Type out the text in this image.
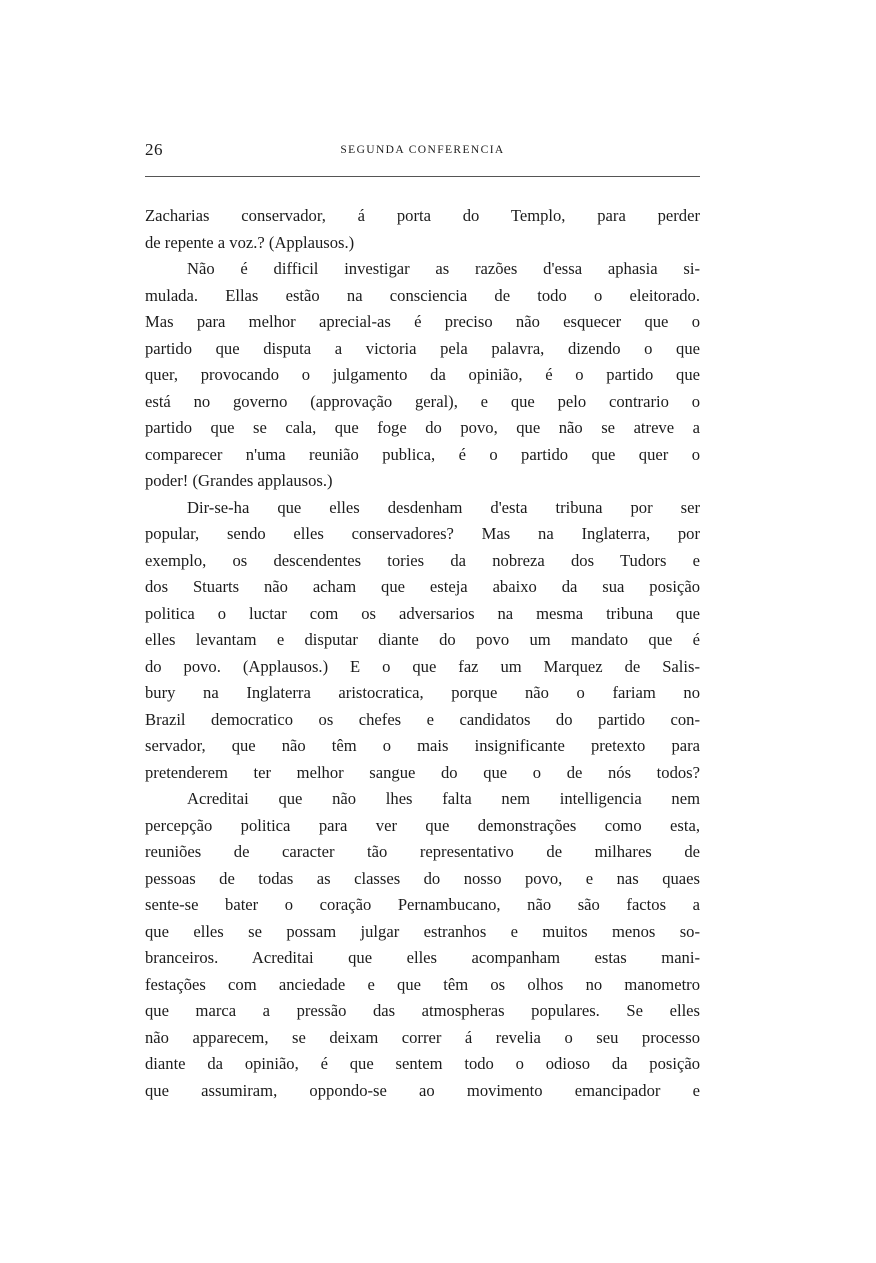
26	SEGUNDA CONFERENCIA
Zacharias conservador, á porta do Templo, para perder
de repente a voz.? (Applausos.)
Não é difficil investigar as razões d'essa aphasia si-
mulada. Ellas estão na consciencia de todo o eleitorado.
Mas para melhor aprecial-as é preciso não esquecer que o
partido que disputa a victoria pela palavra, dizendo o que
quer, provocando o julgamento da opinião, é o partido que
está no governo (approvação geral), e que pelo contrario o
partido que se cala, que foge do povo, que não se atreve a
comparecer n'uma reunião publica, é o partido que quer o
poder! (Grandes applausos.)
Dir-se-ha que elles desdenham d'esta tribuna por ser
popular, sendo elles conservadores? Mas na Inglaterra, por
exemplo, os descendentes tories da nobreza dos Tudors e
dos Stuarts não acham que esteja abaixo da sua posição
politica o luctar com os adversarios na mesma tribuna que
elles levantam e disputar diante do povo um mandato que é
do povo. (Applausos.) E o que faz um Marquez de Salis-
bury na Inglaterra aristocratica, porque não o fariam no
Brazil democratico os chefes e candidatos do partido con-
servador, que não têm o mais insignificante pretexto para
pretenderem ter melhor sangue do que o de nós todos?
Acreditai que não lhes falta nem intelligencia nem
percepção politica para ver que demonstrações como esta,
reuniões de caracter tão representativo de milhares de
pessoas de todas as classes do nosso povo, e nas quaes
sente-se bater o coração Pernambucano, não são factos a
que elles se possam julgar estranhos e muitos menos so-
branceiros. Acreditai que elles acompanham estas mani-
festações com anciedade e que têm os olhos no manometro
que marca a pressão das atmospheras populares. Se elles
não apparecem, se deixam correr á revelia o seu processo
diante da opinião, é que sentem todo o odioso da posição
que assumiram, oppondo-se ao movimento emancipador e
